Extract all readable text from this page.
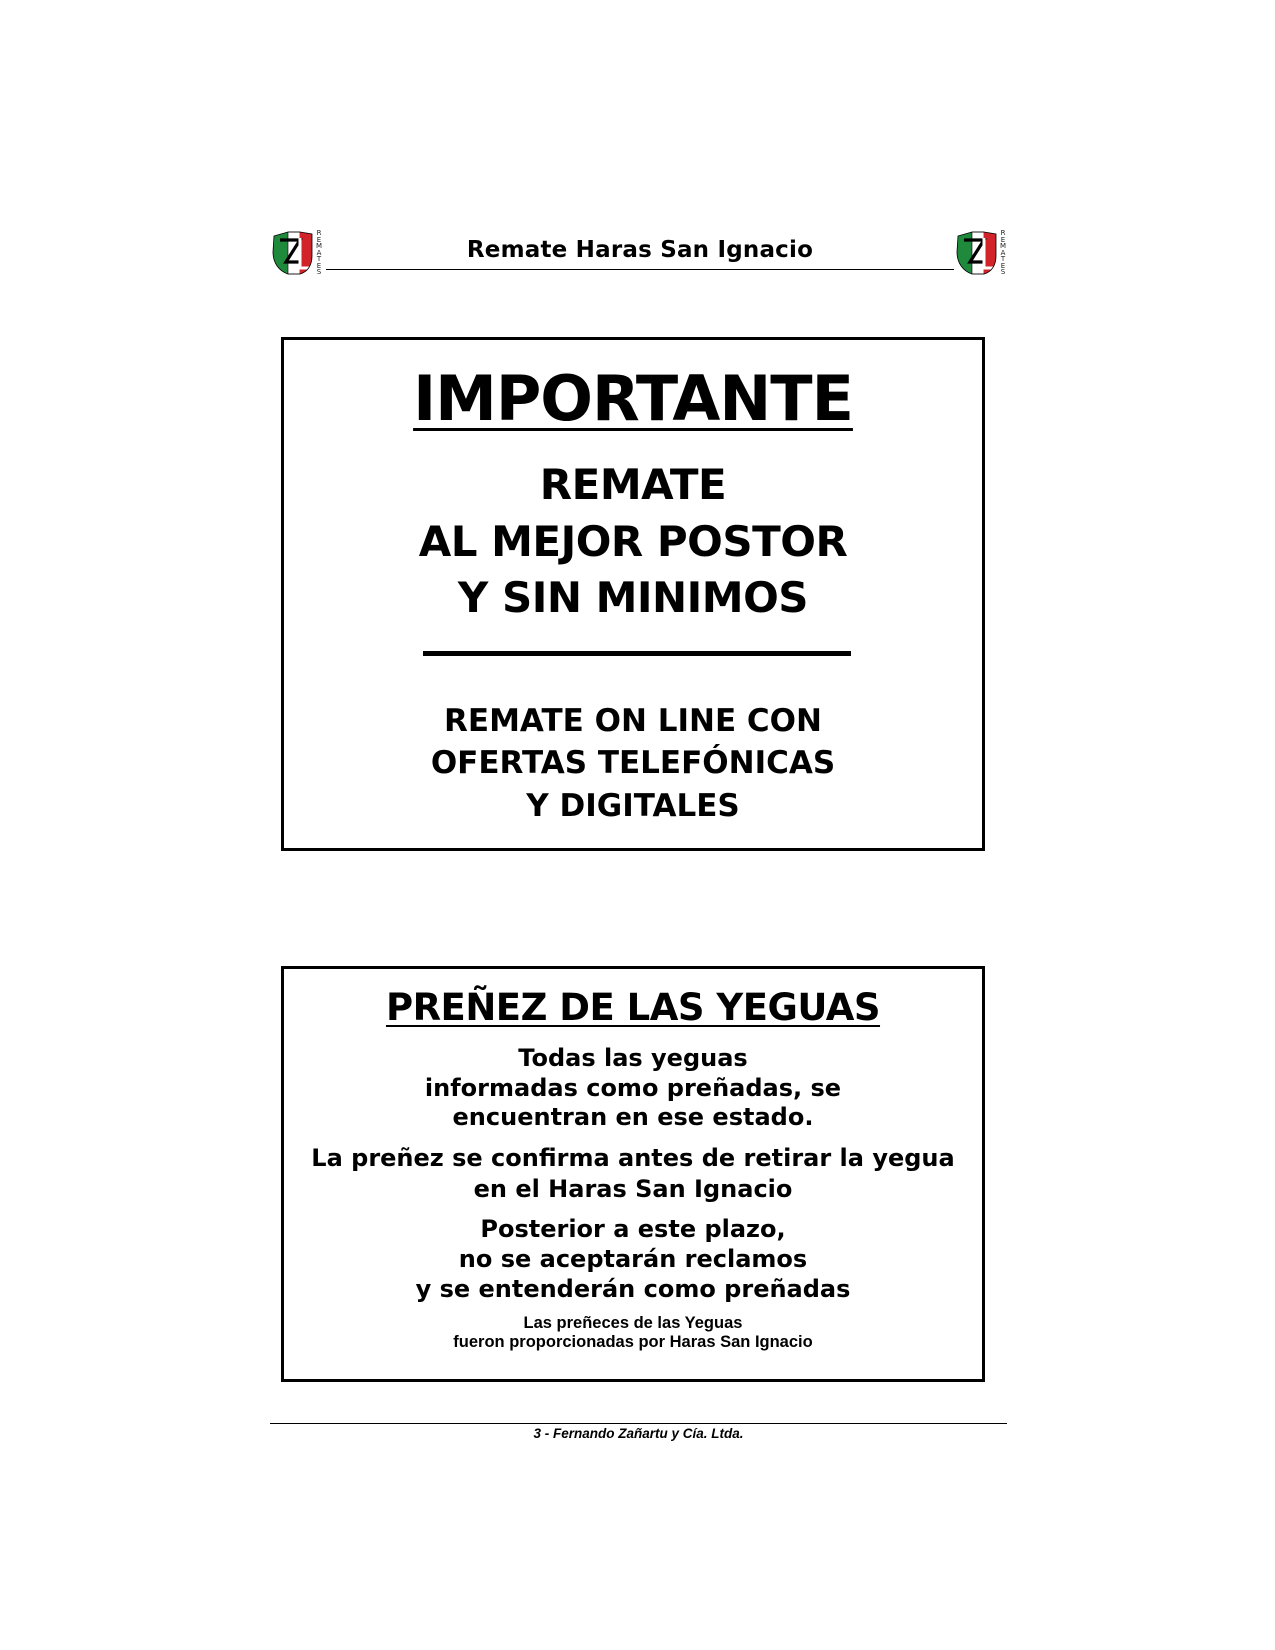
R
E
M
A
T
E
S
Remate Haras San Ignacio
R
E
M
A
T
E
S
IMPORTANTE
REMATE
AL MEJOR POSTOR
Y SIN MINIMOS
REMATE ON LINE CON
OFERTAS TELEFÓNICAS
Y DIGITALES
PREÑEZ DE LAS YEGUAS
Todas las yeguas
informadas como preñadas, se
encuentran en ese estado.
La preñez se confirma antes de retirar la yegua
en el Haras San Ignacio
Posterior a este plazo,
no se aceptarán reclamos
y se entenderán como preñadas
Las preñeces de las Yeguas
fueron proporcionadas por Haras San Ignacio
3 - Fernando Zañartu y Cía. Ltda.
